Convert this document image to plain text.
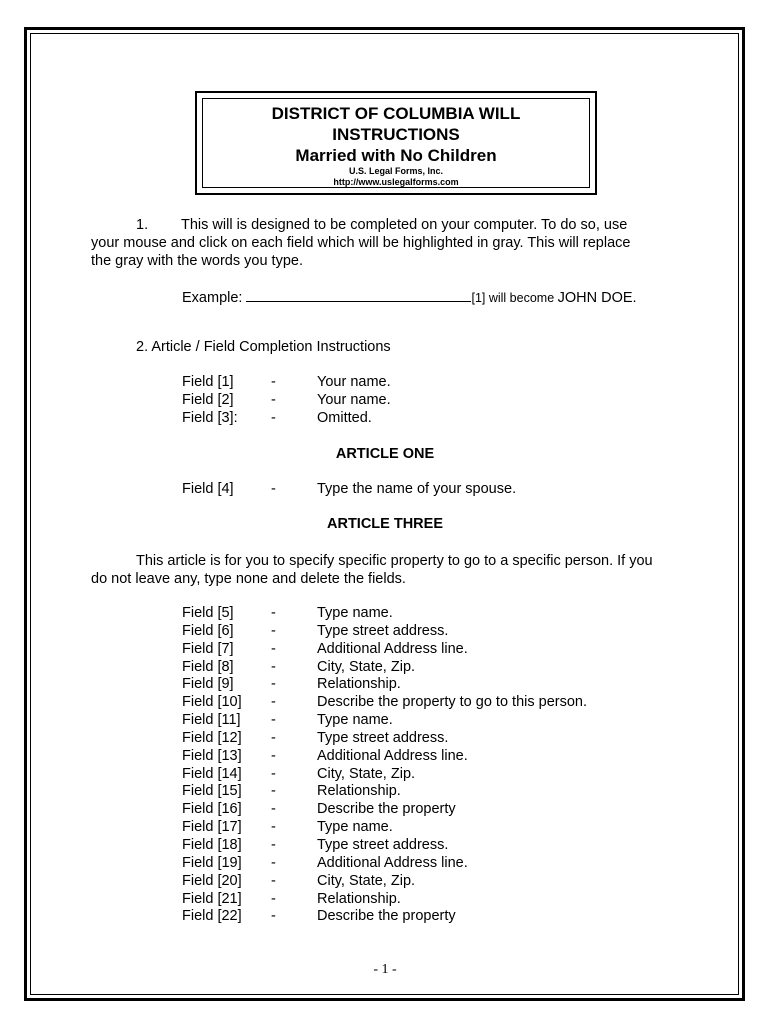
DISTRICT OF COLUMBIA WILL
INSTRUCTIONS
Married with No Children
U.S. Legal Forms, Inc.
http://www.uslegalforms.com
1. This will is designed to be completed on your computer. To do so, use
your mouse and click on each field which will be highlighted in gray. This will replace
the gray with the words you type.
Example:	[1] will become JOHN DOE.
2. Article / Field Completion Instructions
Field [1]	-	Your name.
Field [2]	-	Your name.
Field [3]: -	Omitted.
ARTICLE ONE
Field [4]	-	Type the name of your spouse.
ARTICLE THREE
This article is for you to specify specific property to go to a specific person. If you
do not leave any, type none and delete the fields.
Field [5]	-	Type name.
Field [6]	-	Type street address.
Field [7]	-	Additional Address line.
Field [8]	-	City, State, Zip.
Field [9]	-	Relationship.
Field [10] -	Describe the property to go to this person.
Field [11] -	Type name.
Field [12] -	Type street address.
Field [13] -	Additional Address line.
Field [14] -	City, State, Zip.
Field [15] -	Relationship.
Field [16] -	Describe the property
Field [17] -	Type name.
Field [18] -	Type street address.
Field [19] -	Additional Address line.
Field [20] -	City, State, Zip.
Field [21] -	Relationship.
Field [22] -	Describe the property
- 1 -
